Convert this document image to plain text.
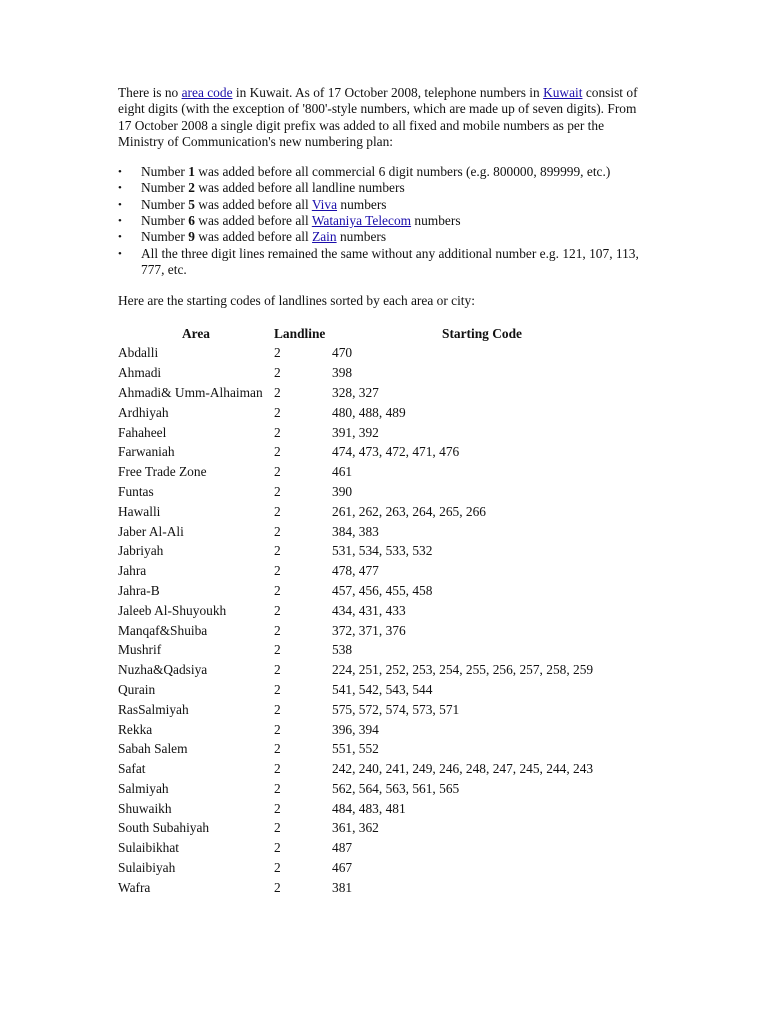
There is no area code in Kuwait. As of 17 October 2008, telephone numbers in Kuwait consist of eight digits (with the exception of '800'-style numbers, which are made up of seven digits). From 17 October 2008 a single digit prefix was added to all fixed and mobile numbers as per the Ministry of Communication's new numbering plan:

• Number 1 was added before all commercial 6 digit numbers (e.g. 800000, 899999, etc.)
• Number 2 was added before all landline numbers
• Number 5 was added before all Viva numbers
• Number 6 was added before all Wataniya Telecom numbers
• Number 9 was added before all Zain numbers
• All the three digit lines remained the same without any additional number e.g. 121, 107, 113, 777, etc.

Here are the starting codes of landlines sorted by each area or city:

Area	Landline	Starting Code
Abdalli	2	470
Ahmadi	2	398
Ahmadi& Umm-Alhaiman	2	328, 327
Ardhiyah	2	480, 488, 489
Fahaheel	2	391, 392
Farwaniah	2	474, 473, 472, 471, 476
Free Trade Zone	2	461
Funtas	2	390
Hawalli	2	261, 262, 263, 264, 265, 266
Jaber Al-Ali	2	384, 383
Jabriyah	2	531, 534, 533, 532
Jahra	2	478, 477
Jahra-B	2	457, 456, 455, 458
Jaleeb Al-Shuyoukh	2	434, 431, 433
Manqaf&Shuiba	2	372, 371, 376
Mushrif	2	538
Nuzha&Qadsiya	2	224, 251, 252, 253, 254, 255, 256, 257, 258, 259
Qurain	2	541, 542, 543, 544
RasSalmiyah	2	575, 572, 574, 573, 571
Rekka	2	396, 394
Sabah Salem	2	551, 552
Safat	2	242, 240, 241, 249, 246, 248, 247, 245, 244, 243
Salmiyah	2	562, 564, 563, 561, 565
Shuwaikh	2	484, 483, 481
South Subahiyah	2	361, 362
Sulaibikhat	2	487
Sulaibiyah	2	467
Wafra	2	381
